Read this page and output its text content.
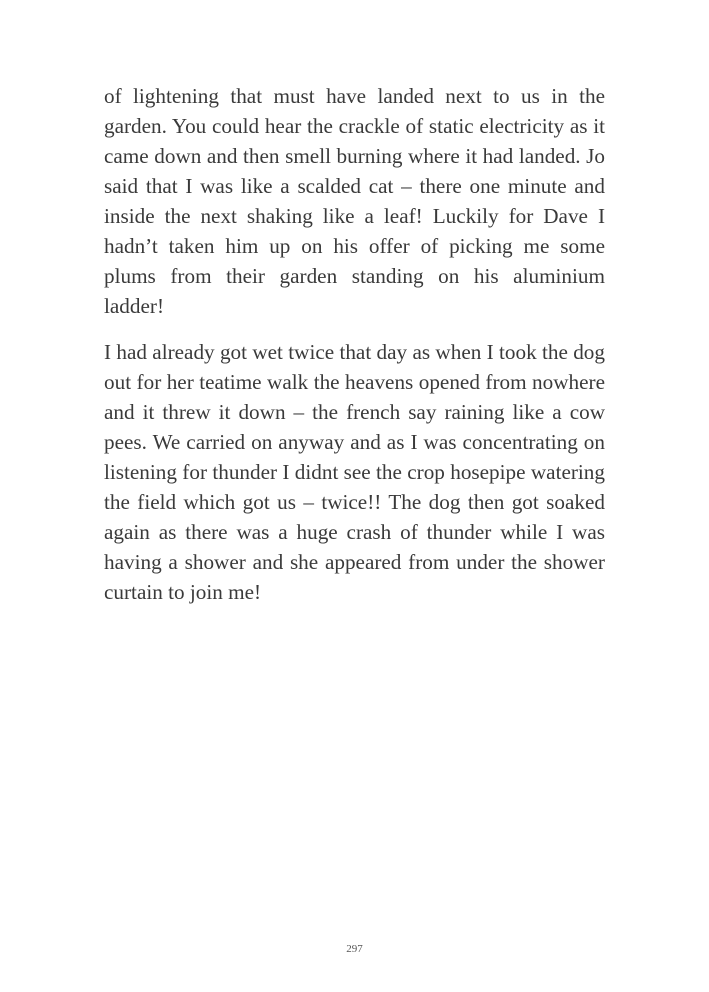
of lightening that must have landed next to us in the garden. You could hear the crackle of static electricity as it came down and then smell burning where it had landed. Jo said that I was like a scalded cat – there one minute and inside the next shaking like a leaf! Luckily for Dave I hadn’t taken him up on his offer of picking me some plums from their garden standing on his aluminium ladder!

I had already got wet twice that day as when I took the dog out for her teatime walk the heavens opened from nowhere and it threw it down – the french say raining like a cow pees. We carried on anyway and as I was concentrating on listening for thunder I didnt see the crop hosepipe watering the field which got us – twice!! The dog then got soaked again as there was a huge crash of thunder while I was having a shower and she appeared from under the shower curtain to join me!

297
